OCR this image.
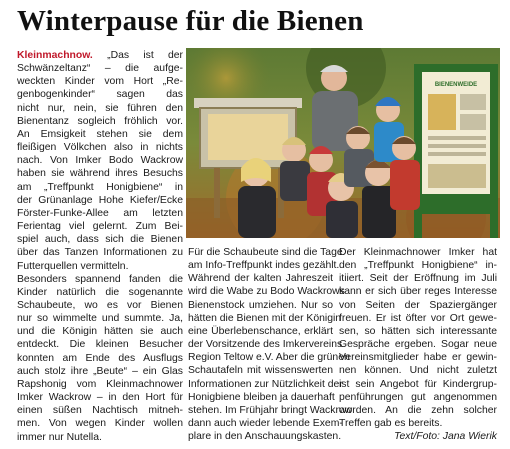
Winterpause für die Bienen
Kleinmachnow. „Das ist der
Schwänzeltanz“ – die aufge-
weckten Kinder vom Hort „Re-
genbogenkinder“ sagen das
nicht nur, nein, sie führen den
Bienentanz sogleich fröhlich vor.
An Emsigkeit stehen sie dem
fleißigen Völkchen also in nichts
nach. Von Imker Bodo Wackrow
haben sie während ihres Besuchs
am „Treffpunkt Honigbiene“ in
der Grünanlage Hohe Kiefer/Ecke
Förster-Funke-Allee am letzten
Ferientag viel gelernt. Zum Bei-
spiel auch, dass sich die Bienen
über das Tanzen Informationen zu
Futterquellen vermitteln.
Besonders spannend fanden die
Kinder natürlich die sogenannte
Schaubeute, wo es vor Bienen
nur so wimmelte und summte. Ja,
und die Königin hätten sie auch
entdeckt. Die kleinen Besucher
konnten am Ende des Ausflugs
auch stolz ihre „Beute“ – ein Glas
Rapshonig vom Kleinmachnower
Imker Wackrow – in den Hort für
einen süßen Nachtisch mitneh-
men. Von wegen Kinder wollen
immer nur Nutella.
BIENENWEIDE
Für die Schaubeute sind die Tage
am Info-Treffpunkt indes gezählt.
Während der kalten Jahreszeit
wird die Wabe zu Bodo Wackrows
Bienenstock umziehen. Nur so
hätten die Bienen mit der Königin
eine Überlebenschance, erklärt
der Vorsitzende des Imkervereins
Region Teltow e.V. Aber die grünen
Schautafeln mit wissenswerten
Informationen zur Nützlichkeit der
Honigbiene bleiben ja dauerhaft
stehen. Im Frühjahr bringt Wackrow
dann auch wieder lebende Exem-
plare in den Anschauungskasten.
Der Kleinmachnower Imker hat
den „Treffpunkt Honigbiene“ in-
itiiert. Seit der Eröffnung im Juli
kann er sich über reges Interesse
von Seiten der Spaziergänger
freuen. Er ist öfter vor Ort gewe-
sen, so hätten sich interessante
Gespräche ergeben. Sogar neue
Vereinsmitglieder habe er gewin-
nen können. Und nicht zuletzt
ist sein Angebot für Kindergrup-
penführungen gut angenommen
worden. An die zehn solcher
Treffen gab es bereits.
Text/Foto: Jana Wierik
